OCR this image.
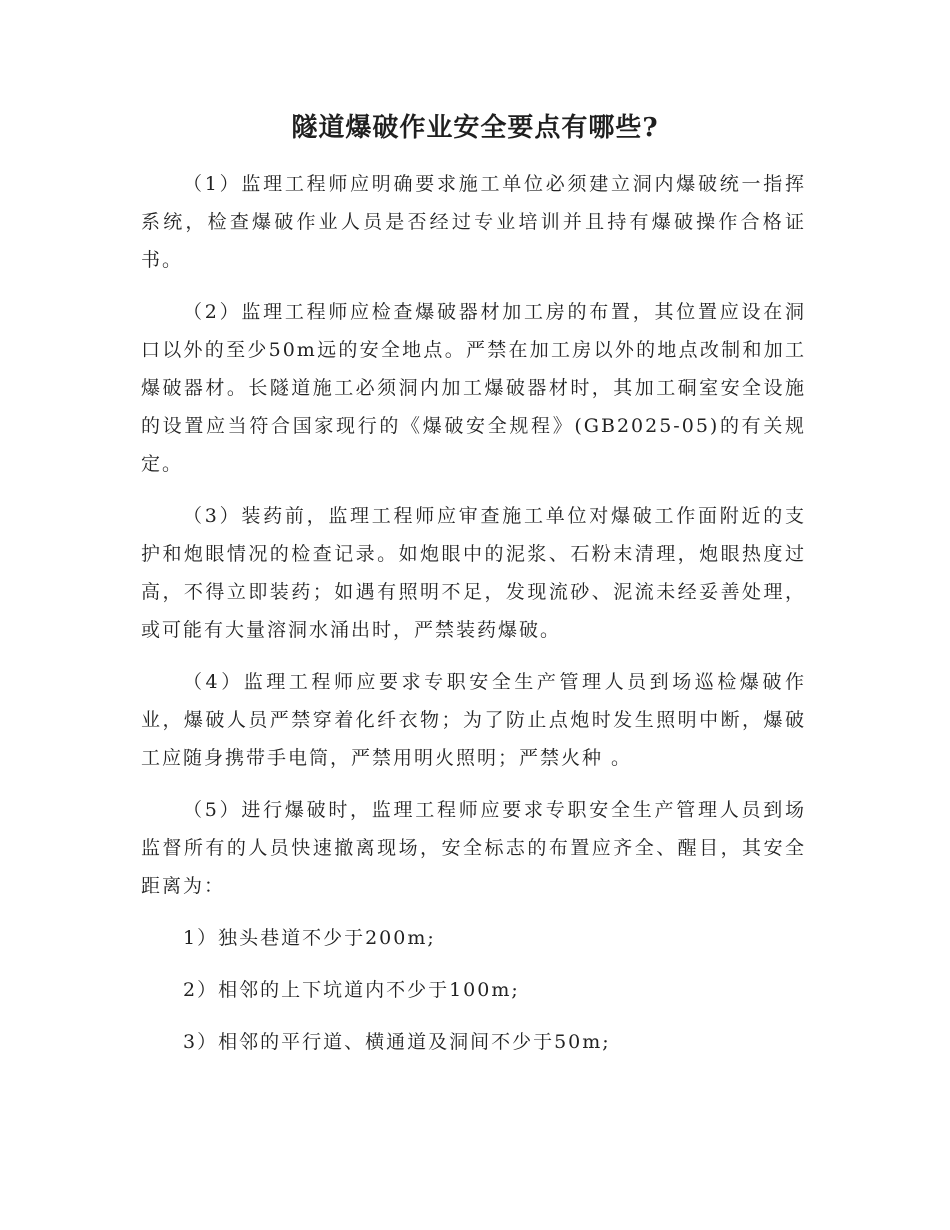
隧道爆破作业安全要点有哪些?

（1）监理工程师应明确要求施工单位必须建立洞内爆破统一指挥系统，检查爆破作业人员是否经过专业培训并且持有爆破操作合格证书。

（2）监理工程师应检查爆破器材加工房的布置，其位置应设在洞口以外的至少50m远的安全地点。严禁在加工房以外的地点改制和加工爆破器材。长隧道施工必须洞内加工爆破器材时，其加工硐室安全设施的设置应当符合国家现行的《爆破安全规程》(GB2025-05)的有关规定。

（3）装药前，监理工程师应审查施工单位对爆破工作面附近的支护和炮眼情况的检查记录。如炮眼中的泥浆、石粉末清理，炮眼热度过高，不得立即装药；如遇有照明不足，发现流砂、泥流未经妥善处理，或可能有大量溶洞水涌出时，严禁装药爆破。

（4）监理工程师应要求专职安全生产管理人员到场巡检爆破作业，爆破人员严禁穿着化纤衣物；为了防止点炮时发生照明中断，爆破工应随身携带手电筒，严禁用明火照明；严禁火种 。

（5）进行爆破时，监理工程师应要求专职安全生产管理人员到场监督所有的人员快速撤离现场，安全标志的布置应齐全、醒目，其安全距离为：

1）独头巷道不少于200m;
2）相邻的上下坑道内不少于100m;
3）相邻的平行道、横通道及洞间不少于50m;
